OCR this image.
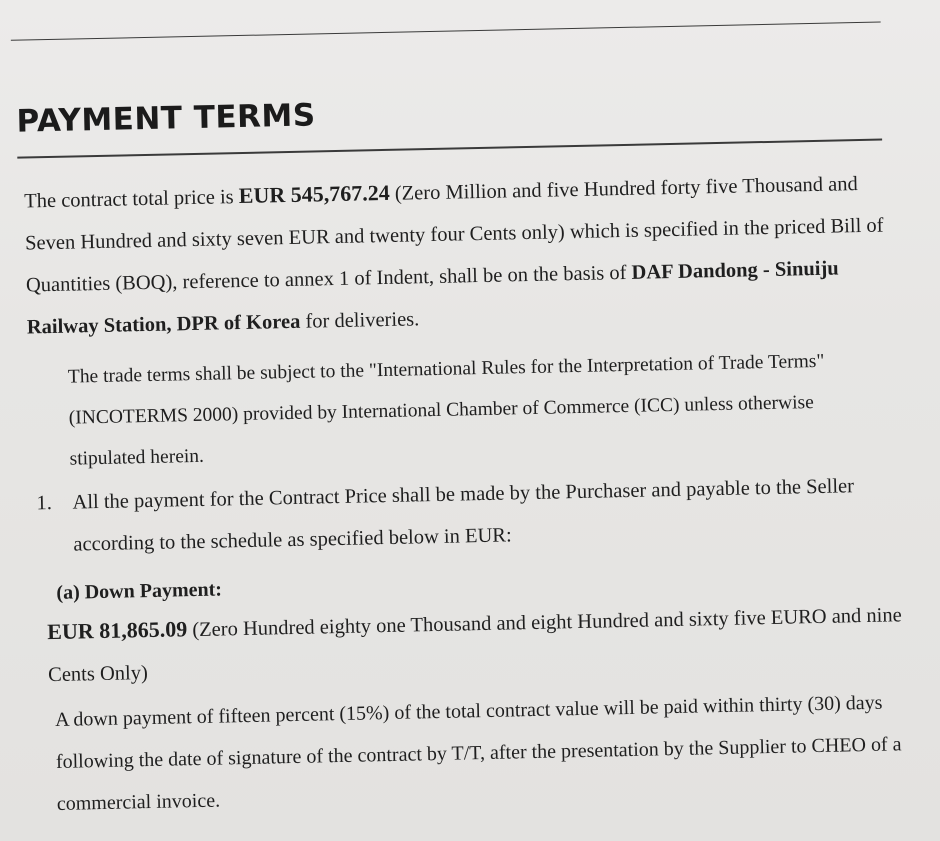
PAYMENT TERMS

The contract total price is EUR 545,767.24 (Zero Million and five Hundred forty five Thousand and Seven Hundred and sixty seven EUR and twenty four Cents only) which is specified in the priced Bill of Quantities (BOQ), reference to annex 1 of Indent, shall be on the basis of DAF Dandong - Sinuiju Railway Station, DPR of Korea for deliveries.

The trade terms shall be subject to the "International Rules for the Interpretation of Trade Terms"(INCOTERMS 2000) provided by International Chamber of Commerce (ICC) unless otherwise stipulated herein.

1. All the payment for the Contract Price shall be made by the Purchaser and payable to the Seller according to the schedule as specified below in EUR:

(a) Down Payment:

EUR 81,865.09 (Zero Hundred eighty one Thousand and eight Hundred and sixty five EURO and nine Cents Only)

A down payment of fifteen percent (15%) of the total contract value will be paid within thirty (30) days following the date of signature of the contract by T/T, after the presentation by the Supplier to CHEO of a commercial invoice.
